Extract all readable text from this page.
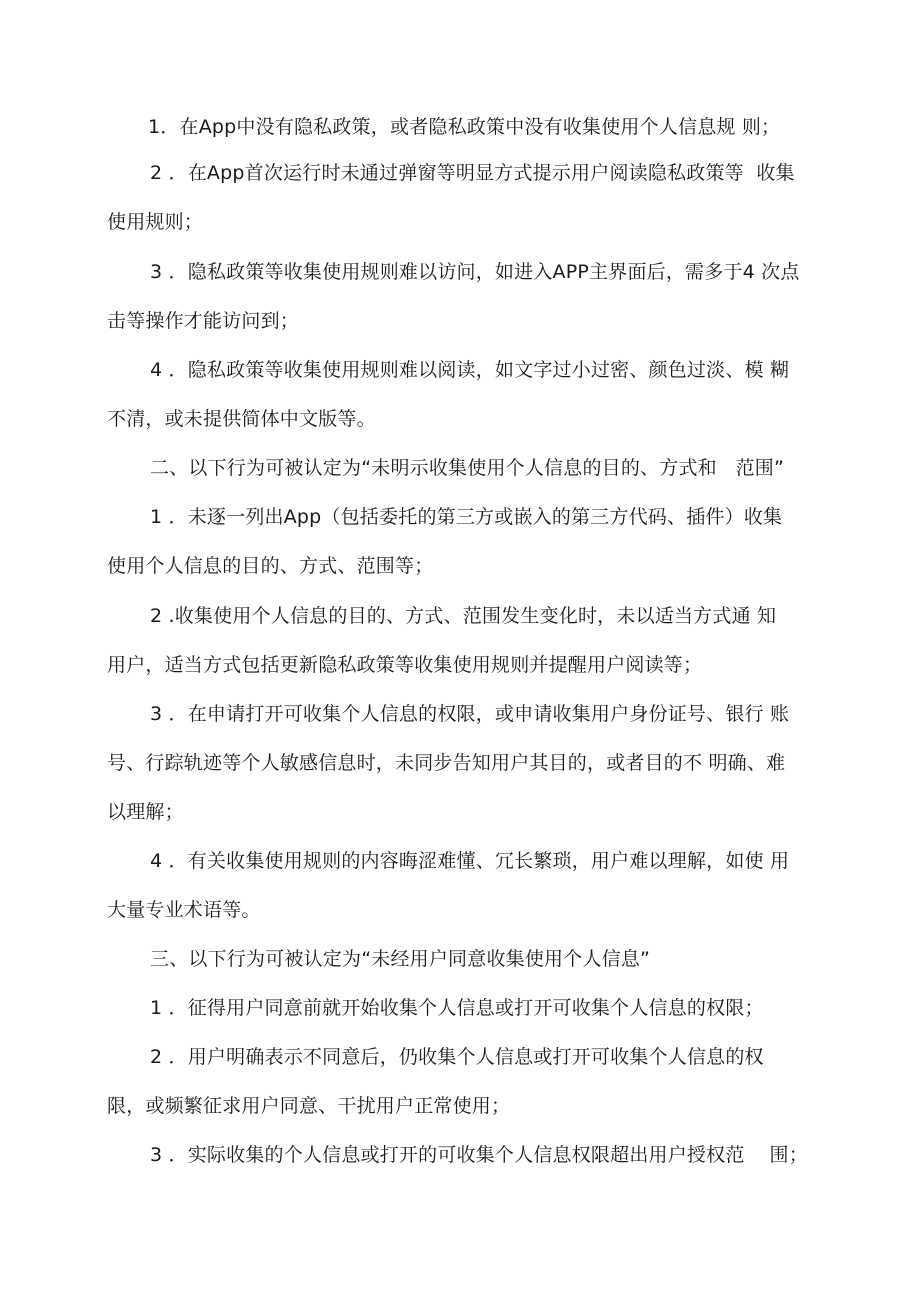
1．在App中没有隐私政策，或者隐私政策中没有收集使用个人信息规 则；
2 ．在App首次运行时未通过弹窗等明显方式提示用户阅读隐私政策等  收集
使用规则；
3 ．隐私政策等收集使用规则难以访问，如进入APP主界面后，需多于4 次点
击等操作才能访问到；
4 ．隐私政策等收集使用规则难以阅读，如文字过小过密、颜色过淡、模 糊
不清，或未提供简体中文版等。
二、以下行为可被认定为“未明示收集使用个人信息的目的、方式和   范围”
1 ．未逐一列出App（包括委托的第三方或嵌入的第三方代码、插件）收集
使用个人信息的目的、方式、范围等；
2 .收集使用个人信息的目的、方式、范围发生变化时，未以适当方式通 知
用户，适当方式包括更新隐私政策等收集使用规则并提醒用户阅读等；
3 ．在申请打开可收集个人信息的权限，或申请收集用户身份证号、银行 账
号、行踪轨迹等个人敏感信息时，未同步告知用户其目的，或者目的不 明确、难
以理解；
4 ．有关收集使用规则的内容晦涩难懂、冗长繁琐，用户难以理解，如使 用
大量专业术语等。
三、以下行为可被认定为“未经用户同意收集使用个人信息”
1 ．征得用户同意前就开始收集个人信息或打开可收集个人信息的权限；
2 ．用户明确表示不同意后，仍收集个人信息或打开可收集个人信息的权
限，或频繁征求用户同意、干扰用户正常使用；
3 ．实际收集的个人信息或打开的可收集个人信息权限超出用户授权范    围；
